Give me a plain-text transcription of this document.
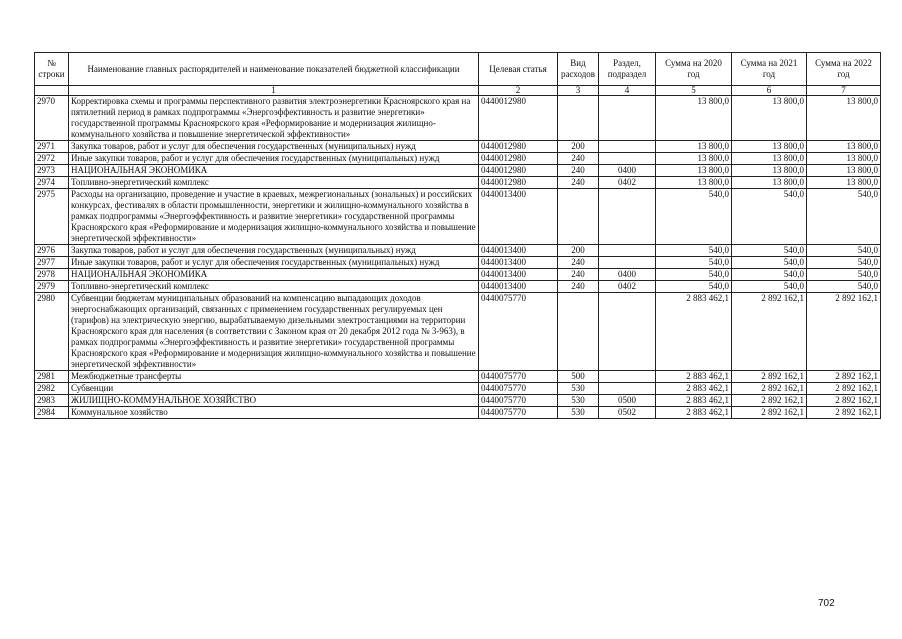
№ строки	Наименование главных распорядителей и наименование показателей бюджетной классификации	Целевая статья	Вид расходов	Раздел, подраздел	Сумма на 2020 год	Сумма на 2021 год	Сумма на 2022 год
	1	2	3	4	5	6	7
2970	Корректировка схемы и программы перспективного развития электроэнергетики Красноярского края на пятилетний период в рамках подпрограммы «Энергоэффективность и развитие энергетики» государственной программы Красноярского края «Реформирование и модернизация жилищно-коммунального хозяйства и повышение энергетической эффективности»	0440012980			13 800,0	13 800,0	13 800,0
2971	Закупка товаров, работ и услуг для обеспечения государственных (муниципальных) нужд	0440012980	200		13 800,0	13 800,0	13 800,0
2972	Иные закупки товаров, работ и услуг для обеспечения государственных (муниципальных) нужд	0440012980	240		13 800,0	13 800,0	13 800,0
2973	НАЦИОНАЛЬНАЯ ЭКОНОМИКА	0440012980	240	0400	13 800,0	13 800,0	13 800,0
2974	Топливно-энергетический комплекс	0440012980	240	0402	13 800,0	13 800,0	13 800,0
2975	Расходы на организацию, проведение и участие в краевых, межрегиональных (зональных) и российских конкурсах, фестивалях в области промышленности, энергетики и жилищно-коммунального хозяйства в рамках подпрограммы «Энергоэффективность и развитие энергетики» государственной программы Красноярского края «Реформирование и модернизация жилищно-коммунального хозяйства и повышение энергетической эффективности»	0440013400			540,0	540,0	540,0
2976	Закупка товаров, работ и услуг для обеспечения государственных (муниципальных) нужд	0440013400	200		540,0	540,0	540,0
2977	Иные закупки товаров, работ и услуг для обеспечения государственных (муниципальных) нужд	0440013400	240		540,0	540,0	540,0
2978	НАЦИОНАЛЬНАЯ ЭКОНОМИКА	0440013400	240	0400	540,0	540,0	540,0
2979	Топливно-энергетический комплекс	0440013400	240	0402	540,0	540,0	540,0
2980	Субвенции бюджетам муниципальных образований на компенсацию выпадающих доходов энергоснабжающих организаций, связанных с применением государственных регулируемых цен (тарифов) на электрическую энергию, вырабатываемую дизельными электростанциями на территории Красноярского края для населения (в соответствии с Законом края от 20 декабря 2012 года № 3-963), в рамках подпрограммы «Энергоэффективность и развитие энергетики» государственной программы Красноярского края «Реформирование и модернизация жилищно-коммунального хозяйства и повышение энергетической эффективности»	0440075770			2 883 462,1	2 892 162,1	2 892 162,1
2981	Межбюджетные трансферты	0440075770	500		2 883 462,1	2 892 162,1	2 892 162,1
2982	Субвенции	0440075770	530		2 883 462,1	2 892 162,1	2 892 162,1
2983	ЖИЛИЩНО-КОММУНАЛЬНОЕ ХОЗЯЙСТВО	0440075770	530	0500	2 883 462,1	2 892 162,1	2 892 162,1
2984	Коммунальное хозяйство	0440075770	530	0502	2 883 462,1	2 892 162,1	2 892 162,1
702
